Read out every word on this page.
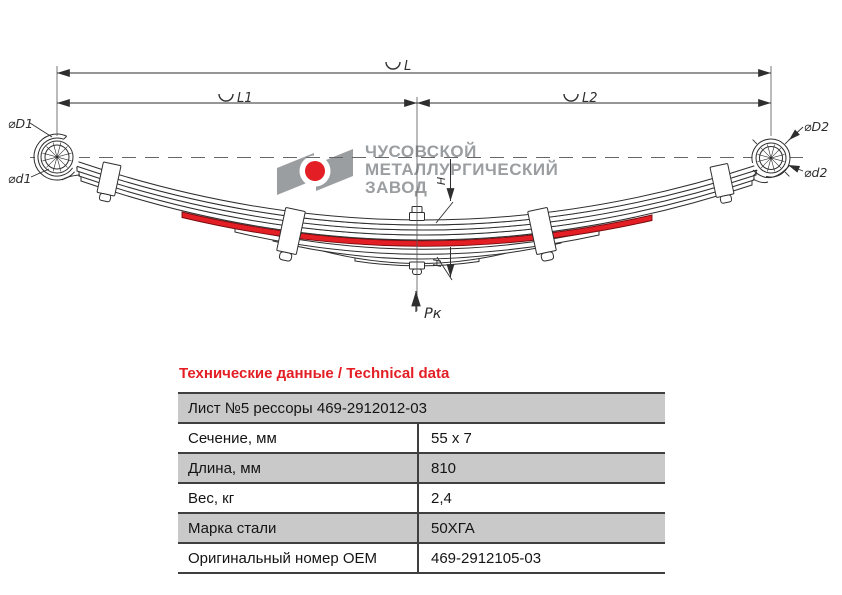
ЧУСОВСКОЙ
МЕТАЛЛУРГИЧЕСКИЙ
ЗАВОД
L
L1	L2
⌀D1
⌀d1
⌀D2
⌀d2
Н
Н
Pк
Технические данные / Technical data
Лист №5 рессоры 469-2912012-03	
Сечение, мм	55 x 7
Длина, мм	810
Вес, кг	2,4
Марка стали	50ХГА
Оригинальный номер OEM	469-2912105-03
